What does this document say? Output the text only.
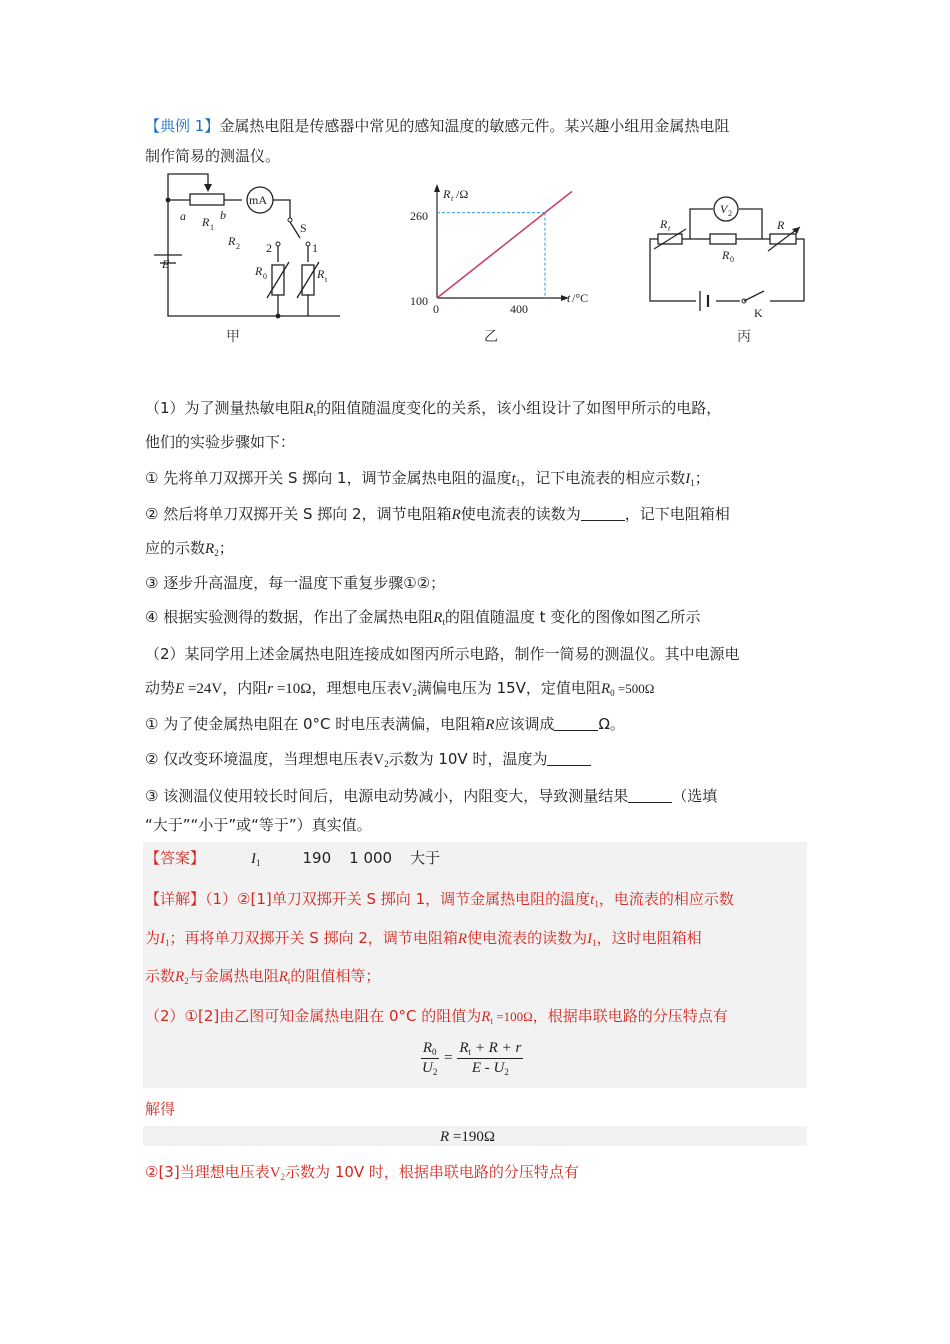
【典例 1】金属热电阻是传感器中常见的感知温度的敏感元件。某兴趣小组用金属热电阻
制作简易的测温仪。
a	b
R 1
R 2
E	R 0	R t
mA
S
2	1
甲
R t /Ω
t /°C
260
100
0	400
乙
V 2
R t
R 0
R
K
丙
（1）为了测量热敏电阻$R_t$的阻值随温度变化的关系，该小组设计了如图甲所示的电路，
他们的实验步骤如下：
① 先将单刀双掷开关 S 掷向 1，调节金属热电阻的温度$t_1$，记下电流表的相应示数$I_1$；
② 然后将单刀双掷开关 S 掷向 2，调节电阻箱R使电流表的读数为	，记下电阻箱相
应的示数$R_2$；
③ 逐步升高温度，每一温度下重复步骤①②；
④ 根据实验测得的数据，作出了金属热电阻$R_t$的阻值随温度 t 变化的图像如图乙所示
（2）某同学用上述金属热电阻连接成如图丙所示电路，制作一简易的测温仪。其中电源电
动势E =24V，内阻r =10Ω，理想电压表$V_2$满偏电压为 15V，定值电阻$R_0 =500\Omega$
① 为了使金属热电阻在 0°C 时电压表满偏，电阻箱R应该调成	Ω。
② 仅改变环境温度，当理想电压表$V_2$示数为 10V 时，温度为
③ 该测温仪使用较长时间后，电源电动势减小，内阻变大，导致测量结果	（选填
“大于”“小于”或“等于”）真实值。
【答案】	$I_1$	190 1 000 大于
【详解】（1）②[1]单刀双掷开关 S 掷向 1，调节金属热电阻的温度$t_1$，电流表的相应示数
为$I_1$；再将单刀双掷开关 S 掷向 2，调节电阻箱R使电流表的读数为$I_1$，这时电阻箱相
示数$R_2$与金属热电阻$R_t$的阻值相等；
（2）①[2]由乙图可知金属热电阻在 0°C 的阻值为$R_t =100\Omega$，根据串联电路的分压特点有
$\frac{R_0}{U_2} = \frac{R_t + R + r}{E - U_2}$
解得
R =190Ω
②[3]当理想电压表$V_2$示数为 10V 时，根据串联电路的分压特点有
